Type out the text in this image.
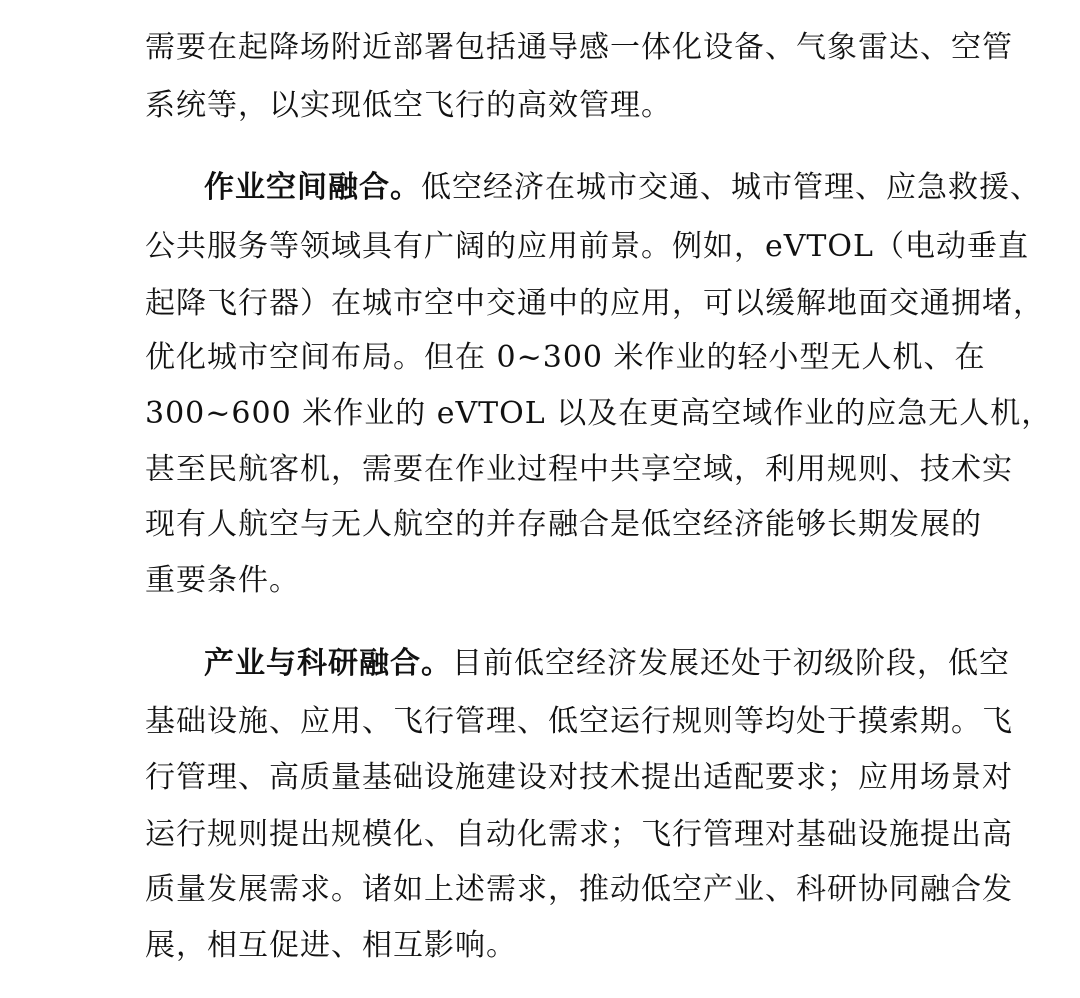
需要在起降场附近部署包括通导感一体化设备、气象雷达、空管
系统等，以实现低空飞行的高效管理。
作业空间融合。低空经济在城市交通、城市管理、应急救援、
公共服务等领域具有广阔的应用前景。例如，eVTOL（电动垂直
起降飞行器）在城市空中交通中的应用，可以缓解地面交通拥堵，
优化城市空间布局。但在 0~300 米作业的轻小型无人机、在
300~600 米作业的 eVTOL 以及在更高空域作业的应急无人机，
甚至民航客机，需要在作业过程中共享空域，利用规则、技术实
现有人航空与无人航空的并存融合是低空经济能够长期发展的
重要条件。
产业与科研融合。目前低空经济发展还处于初级阶段，低空
基础设施、应用、飞行管理、低空运行规则等均处于摸索期。飞
行管理、高质量基础设施建设对技术提出适配要求；应用场景对
运行规则提出规模化、自动化需求；飞行管理对基础设施提出高
质量发展需求。诸如上述需求，推动低空产业、科研协同融合发
展，相互促进、相互影响。
